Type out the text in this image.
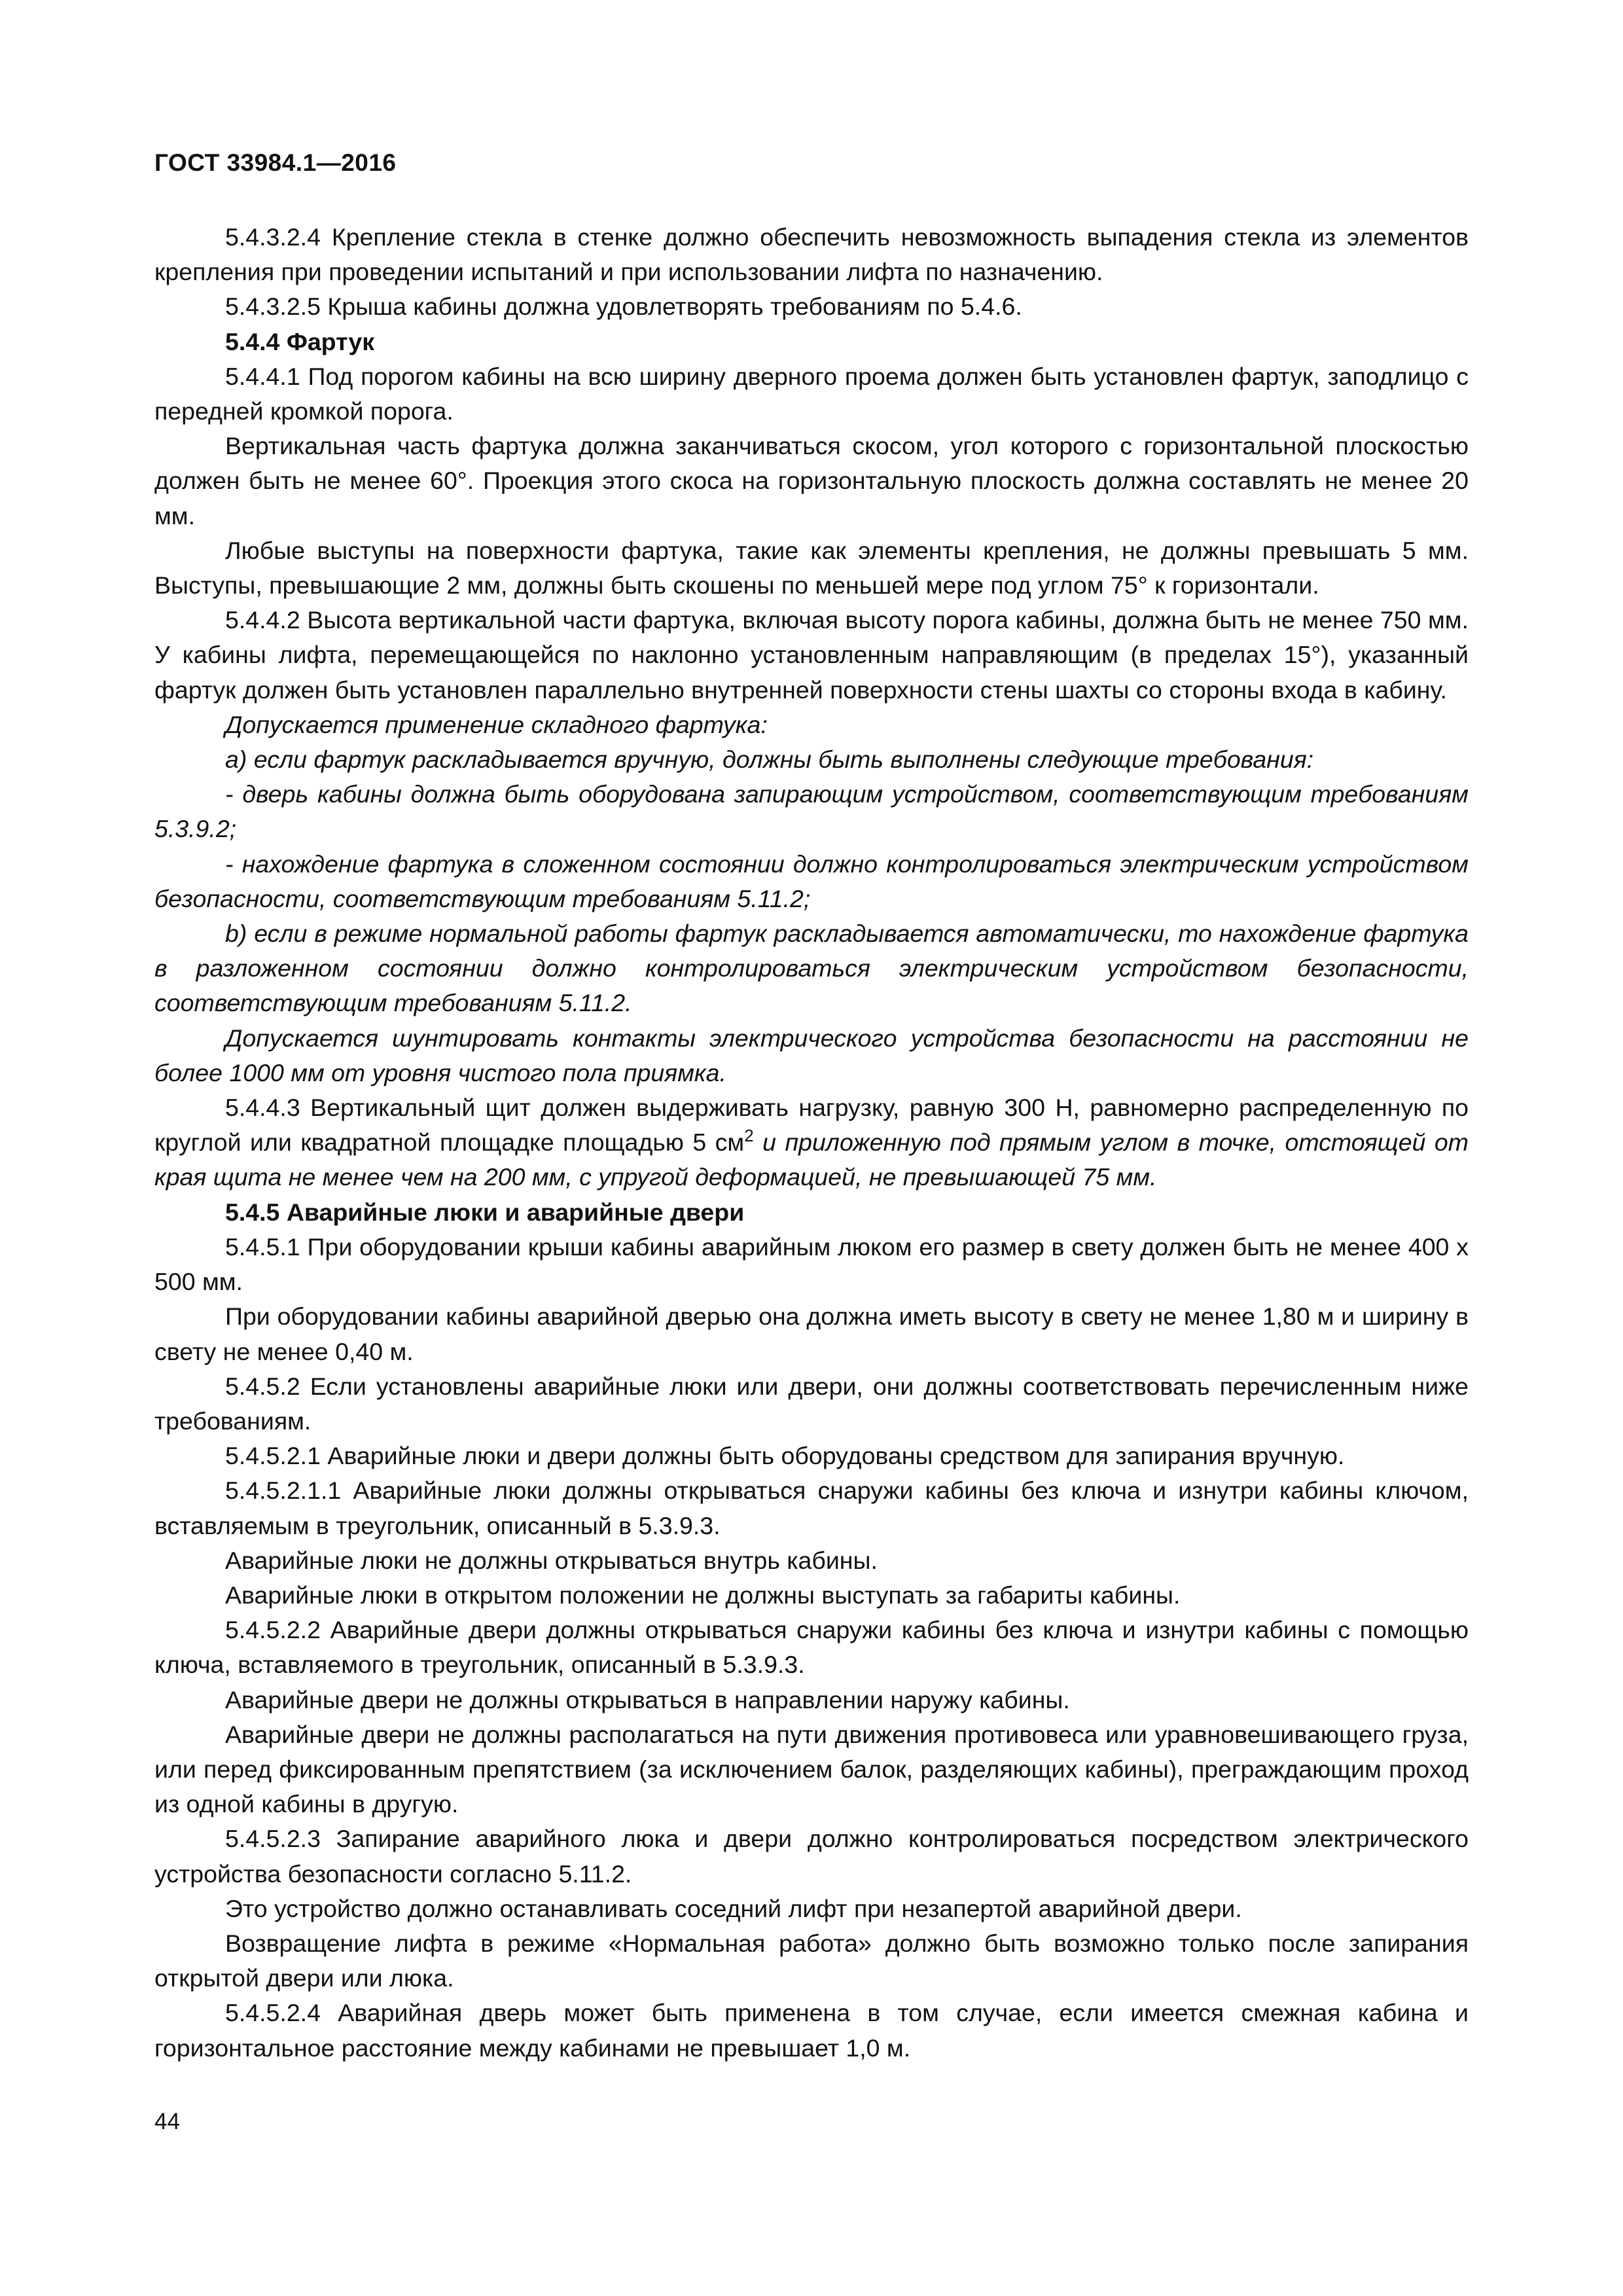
ГОСТ 33984.1—2016

5.4.3.2.4 Крепление стекла в стенке должно обеспечить невозможность выпадения стекла из элементов крепления при проведении испытаний и при использовании лифта по назначению.

5.4.3.2.5 Крыша кабины должна удовлетворять требованиям по 5.4.6.

5.4.4 Фартук

5.4.4.1 Под порогом кабины на всю ширину дверного проема должен быть установлен фартук, заподлицо с передней кромкой порога.

Вертикальная часть фартука должна заканчиваться скосом, угол которого с горизонтальной плоскостью должен быть не менее 60°. Проекция этого скоса на горизонтальную плоскость должна составлять не менее 20 мм.

Любые выступы на поверхности фартука, такие как элементы крепления, не должны превышать 5 мм. Выступы, превышающие 2 мм, должны быть скошены по меньшей мере под углом 75° к горизонтали.

5.4.4.2 Высота вертикальной части фартука, включая высоту порога кабины, должна быть не менее 750 мм. У кабины лифта, перемещающейся по наклонно установленным направляющим (в пределах 15°), указанный фартук должен быть установлен параллельно внутренней поверхности стены шахты со стороны входа в кабину.

Допускается применение складного фартука:

а) если фартук раскладывается вручную, должны быть выполнены следующие требования:

- дверь кабины должна быть оборудована запирающим устройством, соответствующим требованиям 5.3.9.2;

- нахождение фартука в сложенном состоянии должно контролироваться электрическим устройством безопасности, соответствующим требованиям 5.11.2;

b) если в режиме нормальной работы фартук раскладывается автоматически, то нахождение фартука в разложенном состоянии должно контролироваться электрическим устройством безопасности, соответствующим требованиям 5.11.2.

Допускается шунтировать контакты электрического устройства безопасности на расстоянии не более 1000 мм от уровня чистого пола приямка.

5.4.4.3 Вертикальный щит должен выдерживать нагрузку, равную 300 Н, равномерно распределенную по круглой или квадратной площадке площадью 5 $см^2$ и приложенную под прямым углом в точке, отстоящей от края щита не менее чем на 200 мм, с упругой деформацией, не превышающей 75 мм.

5.4.5 Аварийные люки и аварийные двери

5.4.5.1 При оборудовании крыши кабины аварийным люком его размер в свету должен быть не менее 400 х 500 мм.

При оборудовании кабины аварийной дверью она должна иметь высоту в свету не менее 1,80 м и ширину в свету не менее 0,40 м.

5.4.5.2 Если установлены аварийные люки или двери, они должны соответствовать перечисленным ниже требованиям.

5.4.5.2.1 Аварийные люки и двери должны быть оборудованы средством для запирания вручную.

5.4.5.2.1.1 Аварийные люки должны открываться снаружи кабины без ключа и изнутри кабины ключом, вставляемым в треугольник, описанный в 5.3.9.3.

Аварийные люки не должны открываться внутрь кабины.

Аварийные люки в открытом положении не должны выступать за габариты кабины.

5.4.5.2.2 Аварийные двери должны открываться снаружи кабины без ключа и изнутри кабины с помощью ключа, вставляемого в треугольник, описанный в 5.3.9.3.

Аварийные двери не должны открываться в направлении наружу кабины.

Аварийные двери не должны располагаться на пути движения противовеса или уравновешивающего груза, или перед фиксированным препятствием (за исключением балок, разделяющих кабины), преграждающим проход из одной кабины в другую.

5.4.5.2.3 Запирание аварийного люка и двери должно контролироваться посредством электрического устройства безопасности согласно 5.11.2.

Это устройство должно останавливать соседний лифт при незапертой аварийной двери.

Возвращение лифта в режиме «Нормальная работа» должно быть возможно только после запирания открытой двери или люка.

5.4.5.2.4 Аварийная дверь может быть применена в том случае, если имеется смежная кабина и горизонтальное расстояние между кабинами не превышает 1,0 м.

44
